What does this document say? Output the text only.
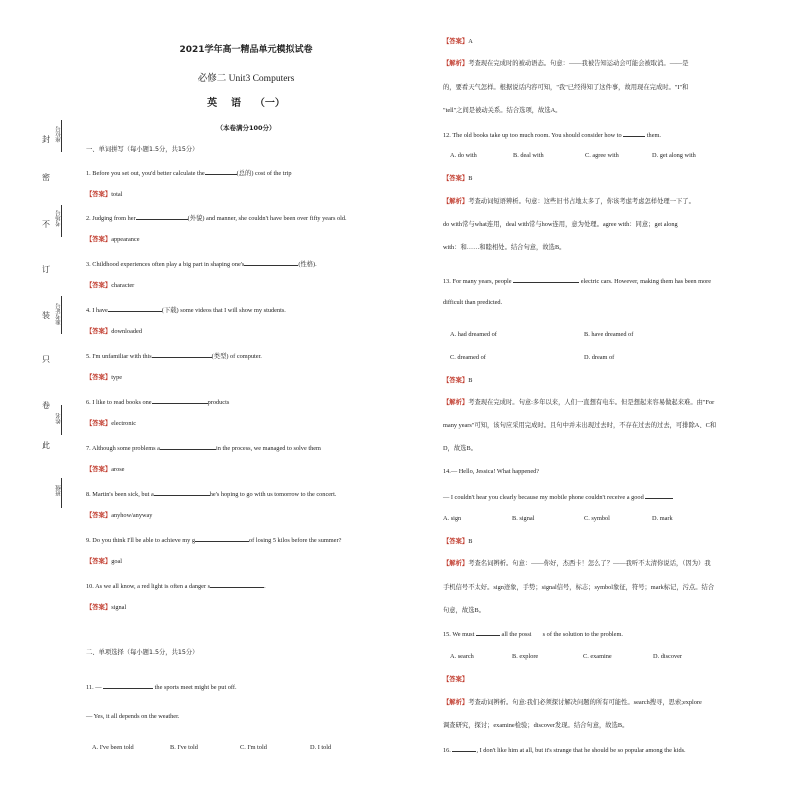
封
密
不
订
装
只
卷
此
座位号
考场号
准考证号
姓名
班级
2021学年高一精品单元模拟试卷
必修二 Unit3 Computers
英    语    （一）
（本卷满分100分）
一、单词拼写（每小题1.5分，共15分）
1. Before you set out, you'd better calculate the	(总的) cost of the trip
【答案】total
2. Judging from her	(外貌) and manner, she couldn't have been over fifty years old.
【答案】appearance
3. Childhood experiences often play a big part in shaping one's	(性格).
【答案】character
4. I have	(下载) some videos that I will show my students.
【答案】downloaded
5. I'm unfamiliar with this	(类型) of computer.
【答案】type
6. I like to read books one	products
【答案】electronic
7. Although some problems a	in the process, we managed to solve them
【答案】arose
8. Martin's been sick, but a	he's hoping to go with us tomorrow to the concert.
【答案】anyhow/anyway
9. Do you think I'll be able to achieve my g	of losing 5 kilos before the summer?
【答案】goal
10. As we all know, a red light is often a danger s	.
【答案】signal
二、单项选择（每小题1.5分，共15分）
11. —	the sports meet might be put off.
— Yes, it all depends on the weather.
A. I've been told	B. I've told	C. I'm told	D. I told
【答案】A
【解析】考查现在完成时的被动语态。句意：——我被告知运动会可能会被取消。——是
的，要看天气怎样。根据说话内容可知，"我"已经得知了这件事，故用现在完成时。"I"和
"tell"之间是被动关系。结合选项，故选A。
12. The old books take up too much room. You should consider how to	them.
A. do with	B. deal with	C. agree with	D. get along with
【答案】B
【解析】考查动词短语辨析。句意：这些旧书占地太多了，你该考虑考虑怎样处理一下了。
do with常与what连用，deal with常与how连用，意为处理。agree with：同意；get along
with：和……和睦相处。结合句意，故选B。
13. For many years, people	electric cars. However, making them has been more
difficult than predicted.
A. had dreamed of	B. have dreamed of
C. dreamed of	D. dream of
【答案】B
【解析】考查现在完成时。句意:多年以来，人们一直想有电车。但是想起来容易做起来难。由"For
many years"可知，该句应采用完成时。且句中并未出现过去时，不存在过去的过去，可排除A、C和
D，故选B。
14.— Hello, Jessica! What happened?
— I couldn't hear you clearly because my mobile phone couldn't receive a good
A. sign	B. signal	C. symbol	D. mark
【答案】B
【解析】考查名词辨析。句意：——你好，杰西卡！怎么了？——我听不太清你说话，（因为）我
手机信号不太好。sign迹象，手势；signal信号，标志；symbol象征，符号；mark标记，污点。结合
句意，故选B。
15. We must	all the possi       s of the solution to the problem.
A. search	B. explore	C. examine	D. discover
【答案】
【解析】考查动词辨析。句意:我们必须探讨解决问题的所有可能性。search搜寻，思索;explore
调查研究，探讨；examine检验；discover发现。结合句意，故选B。
16.	, I don't like him at all, but it's strange that he should be so popular among the kids.
